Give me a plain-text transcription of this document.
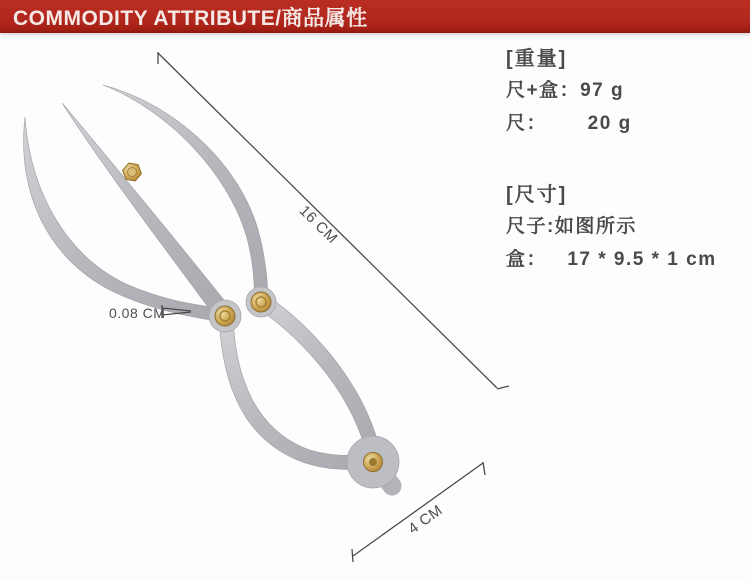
16 CM
0.08 CM
4 CM
COMMODITY ATTRIBUTE/商品属性
[重量]
尺+盒：97 g
尺：      20 g
[尺寸]
尺子:如图所示
盒：   17 * 9.5 * 1 cm
